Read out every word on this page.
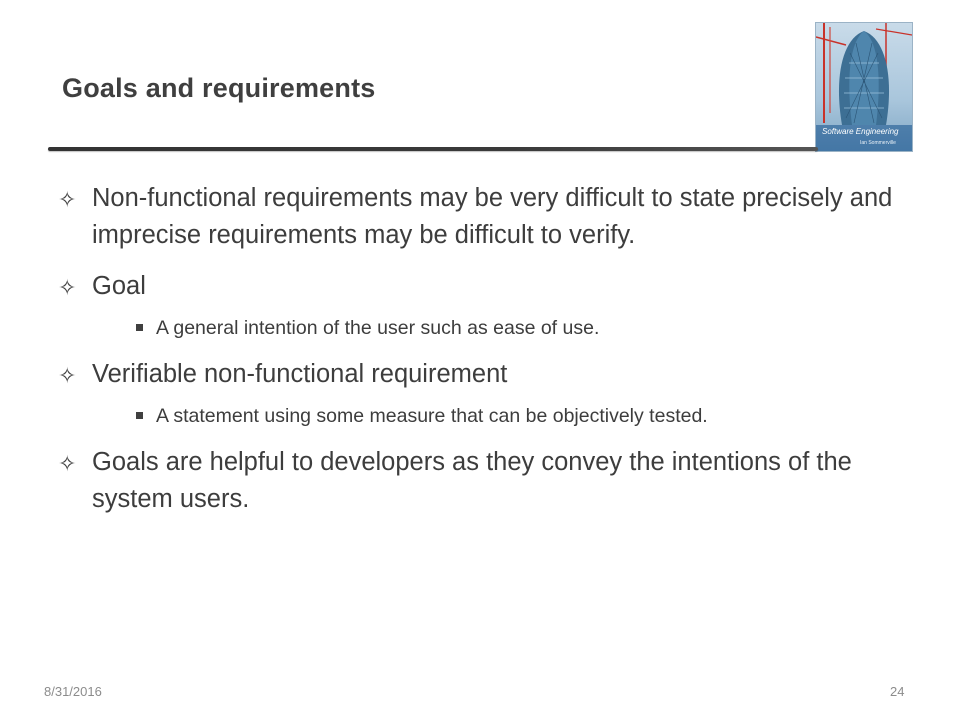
Goals and requirements
Software Engineering
Ian Sommerville
✧ Non-functional requirements may be very difficult to state precisely and imprecise requirements may be difficult to verify.
✧ Goal
A general intention of the user such as ease of use.
✧ Verifiable non-functional requirement
A statement using some measure that can be objectively tested.
✧ Goals are helpful to developers as they convey the intentions of the system users.
8/31/2016	24
